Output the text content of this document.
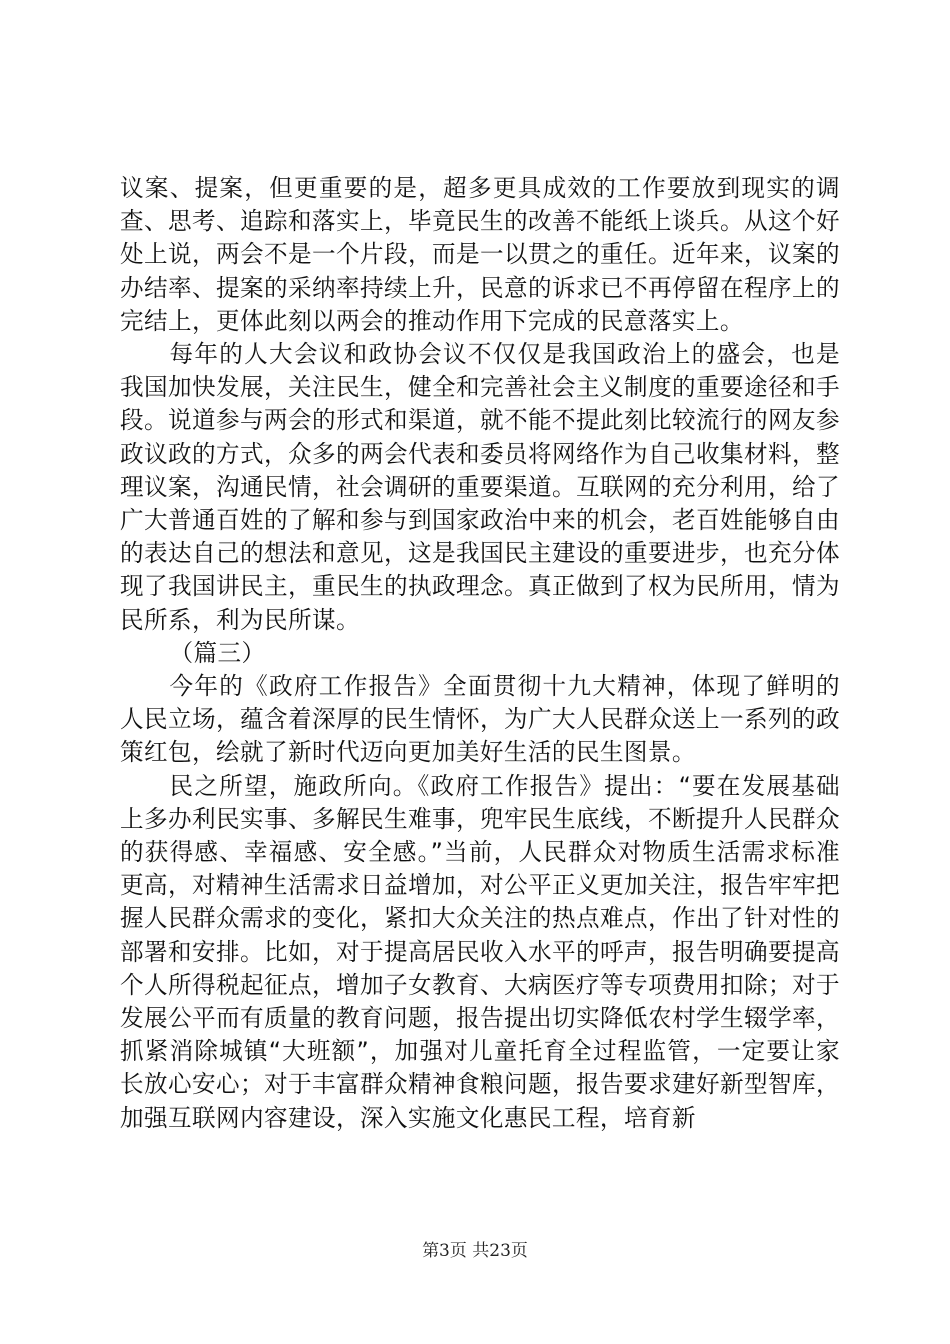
议案、提案，但更重要的是，超多更具成效的工作要放到现实的调查、思考、追踪和落实上，毕竟民生的改善不能纸上谈兵。从这个好处上说，两会不是一个片段，而是一以贯之的重任。近年来，议案的办结率、提案的采纳率持续上升，民意的诉求已不再停留在程序上的完结上，更体此刻以两会的推动作用下完成的民意落实上。

每年的人大会议和政协会议不仅仅是我国政治上的盛会，也是我国加快发展，关注民生，健全和完善社会主义制度的重要途径和手段。说道参与两会的形式和渠道，就不能不提此刻比较流行的网友参政议政的方式，众多的两会代表和委员将网络作为自己收集材料，整理议案，沟通民情，社会调研的重要渠道。互联网的充分利用，给了广大普通百姓的了解和参与到国家政治中来的机会，老百姓能够自由的表达自己的想法和意见，这是我国民主建设的重要进步，也充分体现了我国讲民主，重民生的执政理念。真正做到了权为民所用，情为民所系，利为民所谋。

（篇三）

今年的《政府工作报告》全面贯彻十九大精神，体现了鲜明的人民立场，蕴含着深厚的民生情怀，为广大人民群众送上一系列的政策红包，绘就了新时代迈向更加美好生活的民生图景。

民之所望，施政所向。《政府工作报告》提出：“要在发展基础上多办利民实事、多解民生难事，兜牢民生底线，不断提升人民群众的获得感、幸福感、安全感。”当前，人民群众对物质生活需求标准更高，对精神生活需求日益增加，对公平正义更加关注，报告牢牢把握人民群众需求的变化，紧扣大众关注的热点难点，作出了针对性的部署和安排。比如，对于提高居民收入水平的呼声，报告明确要提高个人所得税起征点，增加子女教育、大病医疗等专项费用扣除；对于发展公平而有质量的教育问题，报告提出切实降低农村学生辍学率，抓紧消除城镇“大班额”，加强对儿童托育全过程监管，一定要让家长放心安心；对于丰富群众精神食粮问题，报告要求建好新型智库，加强互联网内容建设，深入实施文化惠民工程，培育新

第3页 共23页
